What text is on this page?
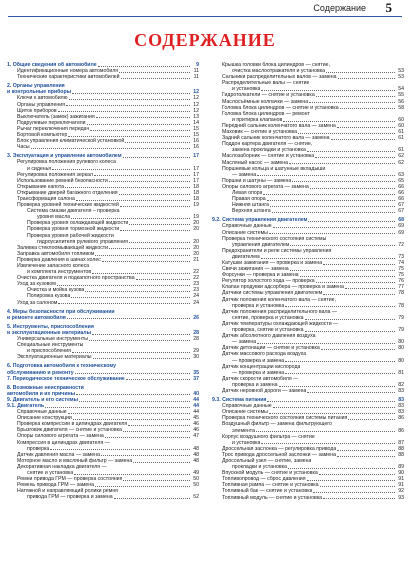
Содержание 5
СОДЕРЖАНИЕ
1. Общие сведения об автомобиле	9
Идентификационные номера автомобиля	11
Технические характеристики автомобилей	11
2. Органы управления
и контрольные приборы	12
Ключи к автомобилю	12
Органы управления	12
Щиток приборов	12
Выключатель (замок) зажигания	13
Подрулевые переключатели	14
Рычаг переключения передач	15
Бортовой компьютер	15
Блок управления климатической установкой	16
Часы	16
3. Эксплуатация и управление автомобилем	17
Регулировка положения рулевого колеса
и сиденья	17
Регулировка положения зеркал	17
Использование ремней безопасности	17
Открывание капота	18
Открывание дверей багажного отделения	18
Трансформация салона	18
Проверка уровней технических жидкостей	19
Система смазки двигателя – проверка
уровня масла	19
Проверка уровня охлаждающей жидкости	20
Проверка уровня тормозной жидкости	20
Проверка уровня рабочей жидкости
гидроусилителя рулевого управления	20
Заливка стеклоомывающей жидкости	20
Заправка автомобиля топливом	20
Проверка давления в шинах колес	21
Извлечение запасного колеса
и комплекта инструментов	22
Очистка двигателя и подкапотного пространства	22
Уход за кузовом	23
Очистка и мойка кузова	23
Полировка кузова	24
Уход за салоном	24
4. Меры безопасности при обслуживании
и ремонте автомобиля	26
5. Инструменты, приспособления
и эксплуатационные материалы	28
Универсальные инструменты	28
Специальные инструменты
и приспособления	29
Эксплуатационные материалы	30
6. Подготовка автомобиля к техническому
обслуживанию и ремонту	35
7. Периодическое техническое обслуживание	37
8. Возможные неисправности
автомобиля и их причины	40
9. Двигатель и его системы	44
9.1. Двигатель	44
Справочные данные	44
Описание конструкции	45
Проверка компрессии в цилиндрах двигателя	46
Брызговик двигателя — снятие и установка	46
Опоры силового агрегата — замена	47
Компрессия в цилиндрах двигателя —
проверка	48
Датчик давления масла — замена	48
Моторное масло и масляный фильтр — замена	48
Декоративная накладка двигателя —
снятие и установка	49
Ремни привода ГРМ — проверка состояния	50
Ремень привода ГРМ — замена	50
Натяжной и направляющий ролики ремня
привода ГРМ — проверка и замена	52
Крышка головки блока цилиндров — снятие,
очистка маслоотражателя и установка	53
Сальники распределительных валов — замена	53
Распределительные валы — снятие
и установка	54
Гидротолкатели — снятие и установка	55
Маслосъёмные колпачки — замена	56
Головка блока цилиндров — снятие и установка	58
Головка блока цилиндров — ремонт
и притирка клапанов	60
Передний сальник коленчатого вала — замена	60
Маховик — снятие и установка	61
Задний сальник коленчатого вала — замена	61
Поддон картера двигателя — снятие,
замена прокладки и установка	61
Маслозаборник — снятие и установка	62
Масляный насос — замена	62
Поршневые кольца и шатунные вкладыши
— замена	63
Поршни и шатуны — замена	65
Опоры силового агрегата — замена	66
Левая опора	66
Правая опора	66
Нижняя штанга	67
Верхняя штанга	67
9.2. Система управления двигателем	68
Справочные данные	69
Описание системы	69
Проверка технического состояния системы
управления двигателем	72
Предохранители и реле системы управления
двигателем	73
Катушки зажигания — проверка и замена	74
Свечи зажигания — замена	75
Форсунки — проверка и замена	75
Регулятор холостого хода — проверка	76
Клапан продувки адсорбера — проверка и замена	77
Датчики системы управления двигателем	78
Датчик положения коленчатого вала — снятие,
проверка и установка	78
Датчик положения распределительного вала —
снятие, проверка и установка	79
Датчик температуры охлаждающей жидкости —
проверка, снятие и установка	79
Датчик абсолютного давления воздуха
— замена	80
Датчик детонации — снятие и установка	80
Датчик массового расхода воздуха
— проверка и замена	80
Датчик концентрации кислорода
— проверка и замена	81
Датчик скорости автомобиля —
проверка и замена	82
Датчик неровной дороги — замена	83
9.3. Система питания	83
Справочные данные	83
Описание системы	83
Проверка технического состояния системы питания	86
Воздушный фильтр — замена фильтрующего
элемента	86
Корпус воздушного фильтра — снятие
и установка	87
Дроссельная заслонка — регулировка привода	88
Трос привода дроссельной заслонки — замена	88
Дроссельный узел — снятие, замена
прокладки и установка	89
Впускной модуль — снятие и установка	90
Топливопровод — сброс давления	91
Топливная рампа — снятие и установка	91
Топливный бак — снятие и установка	92
Топливный модуль — снятие и установка	93
